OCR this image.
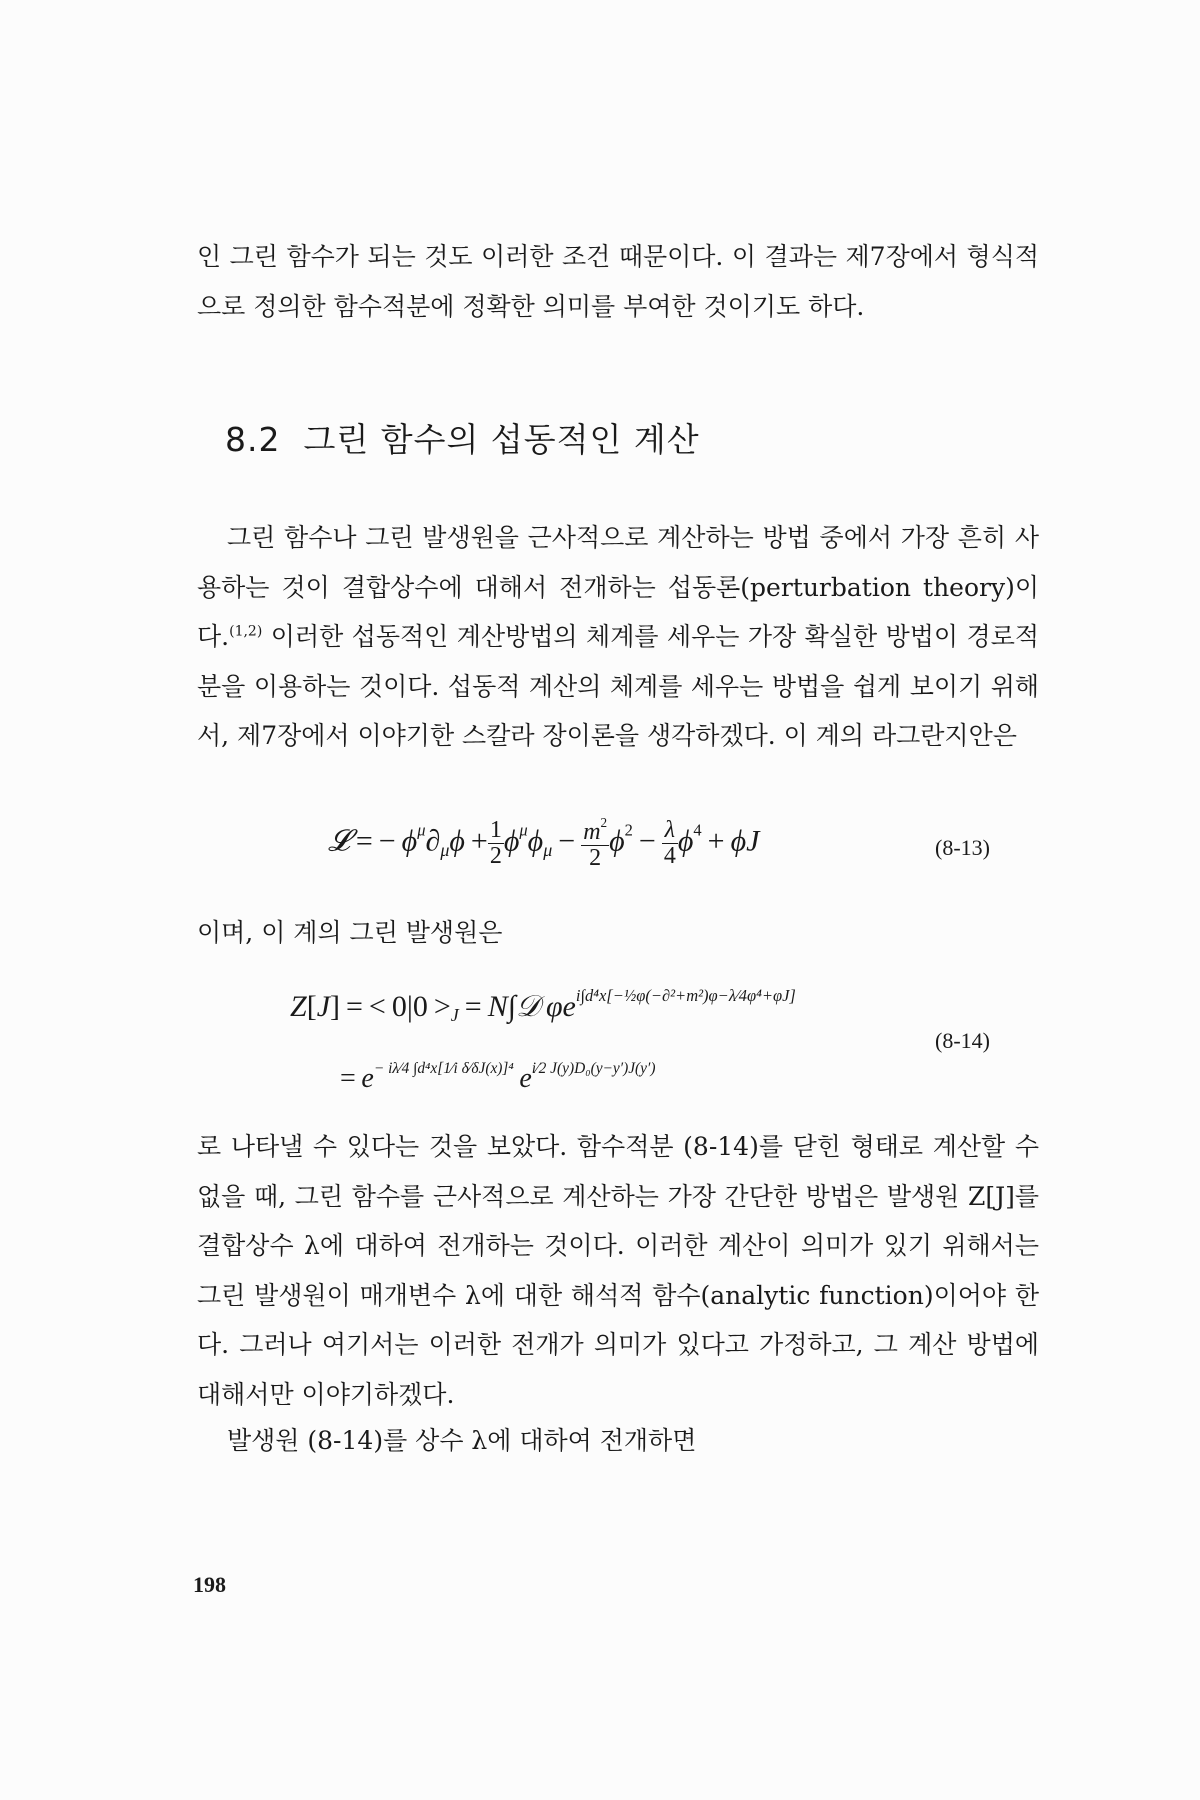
인 그린 함수가 되는 것도 이러한 조건 때문이다. 이 결과는 제7장에서 형식적으로 정의한 함수적분에 정확한 의미를 부여한 것이기도 하다.

8.2 그린 함수의 섭동적인 계산

그린 함수나 그린 발생원을 근사적으로 계산하는 방법 중에서 가장 흔히 사용하는 것이 결합상수에 대해서 전개하는 섭동론(perturbation theory)이다.$^{(1,2)}$ 이러한 섭동적인 계산방법의 체계를 세우는 가장 확실한 방법이 경로적분을 이용하는 것이다. 섭동적 계산의 체계를 세우는 방법을 쉽게 보이기 위해서, 제7장에서 이야기한 스칼라 장이론을 생각하겠다. 이 계의 라그란지안은

𝓛 = − $\phi^\mu\partial_\mu\phi + \frac{1}{2} \phi^\mu\phi_\mu - \frac{m^2}{2} \phi^2 - \frac{\lambda}{4} \phi^4 + \phi J$	(8-13)

이며, 이 계의 그린 발생원은

Z[J] = < $0|0 >_J$ = N∫𝒟  $\varphi e^{i\int d^4x[-\frac{1}{2}\varphi(-\partial^2+m^2)\varphi-\lambda⁄4\varphi^4+\varphi J]}$
= $e^{- i\lambda⁄4 \int d^4x[1⁄i \delta⁄\delta J(x)]^4}$  $e^{i⁄2 J(y)D_0(y-y')J(y')}$
(8-14)

로 나타낼 수 있다는 것을 보았다. 함수적분 (8-14)를 닫힌 형태로 계산할 수 없을 때, 그린 함수를 근사적으로 계산하는 가장 간단한 방법은 발생원 Z[J]를 결합상수 λ에 대하여 전개하는 것이다. 이러한 계산이 의미가 있기 위해서는 그린 발생원이 매개변수 λ에 대한 해석적 함수(analytic function)이어야 한다. 그러나 여기서는 이러한 전개가 의미가 있다고 가정하고, 그 계산 방법에 대해서만 이야기하겠다.

발생원 (8-14)를 상수 λ에 대하여 전개하면

198
